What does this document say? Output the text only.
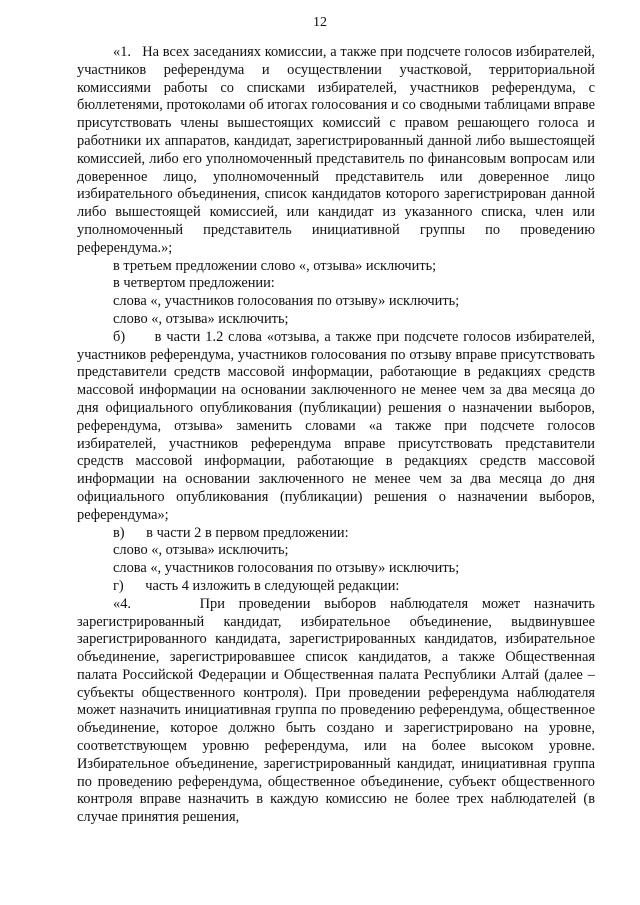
12

«1.   На всех заседаниях комиссии, а также при подсчете голосов избирателей, участников референдума и осуществлении участковой, территориальной комиссиями работы со списками избирателей, участников референдума, с бюллетенями, протоколами об итогах голосования и со сводными таблицами вправе присутствовать члены вышестоящих комиссий с правом решающего голоса и работники их аппаратов, кандидат, зарегистрированный данной либо вышестоящей комиссией, либо его уполномоченный представитель по финансовым вопросам или доверенное лицо, уполномоченный представитель или доверенное лицо избирательного объединения, список кандидатов которого зарегистрирован данной либо вышестоящей комиссией, или кандидат из указанного списка, член или уполномоченный представитель инициативной группы по проведению референдума.»;

в третьем предложении слово «, отзыва» исключить;

в четвертом предложении:

слова «, участников голосования по отзыву» исключить;

слово «, отзыва» исключить;

б)      в части 1.2 слова «отзыва, а также при подсчете голосов избирателей, участников референдума, участников голосования по отзыву вправе присутствовать представители средств массовой информации, работающие в редакциях средств массовой информации на основании заключенного не менее чем за два месяца до дня официального опубликования (публикации) решения о назначении выборов, референдума, отзыва» заменить словами «а также при подсчете голосов избирателей, участников референдума вправе присутствовать представители средств массовой информации, работающие в редакциях средств массовой информации на основании заключенного не менее чем за два месяца до дня официального опубликования (публикации) решения о назначении выборов, референдума»;

в)      в части 2 в первом предложении:

слово «, отзыва» исключить;

слова «, участников голосования по отзыву» исключить;

г)      часть 4 изложить в следующей редакции:

«4.     При проведении выборов наблюдателя может назначить зарегистрированный кандидат, избирательное объединение, выдвинувшее зарегистрированного кандидата, зарегистрированных кандидатов, избирательное объединение, зарегистрировавшее список кандидатов, а также Общественная палата Российской Федерации и Общественная палата Республики Алтай (далее – субъекты общественного контроля). При проведении референдума наблюдателя может назначить инициативная группа по проведению референдума, общественное объединение, которое должно быть создано и зарегистрировано на уровне, соответствующем уровню референдума, или на более высоком уровне. Избирательное объединение, зарегистрированный кандидат, инициативная группа по проведению референдума, общественное объединение, субъект общественного контроля вправе назначить в каждую комиссию не более трех наблюдателей (в случае принятия решения,
